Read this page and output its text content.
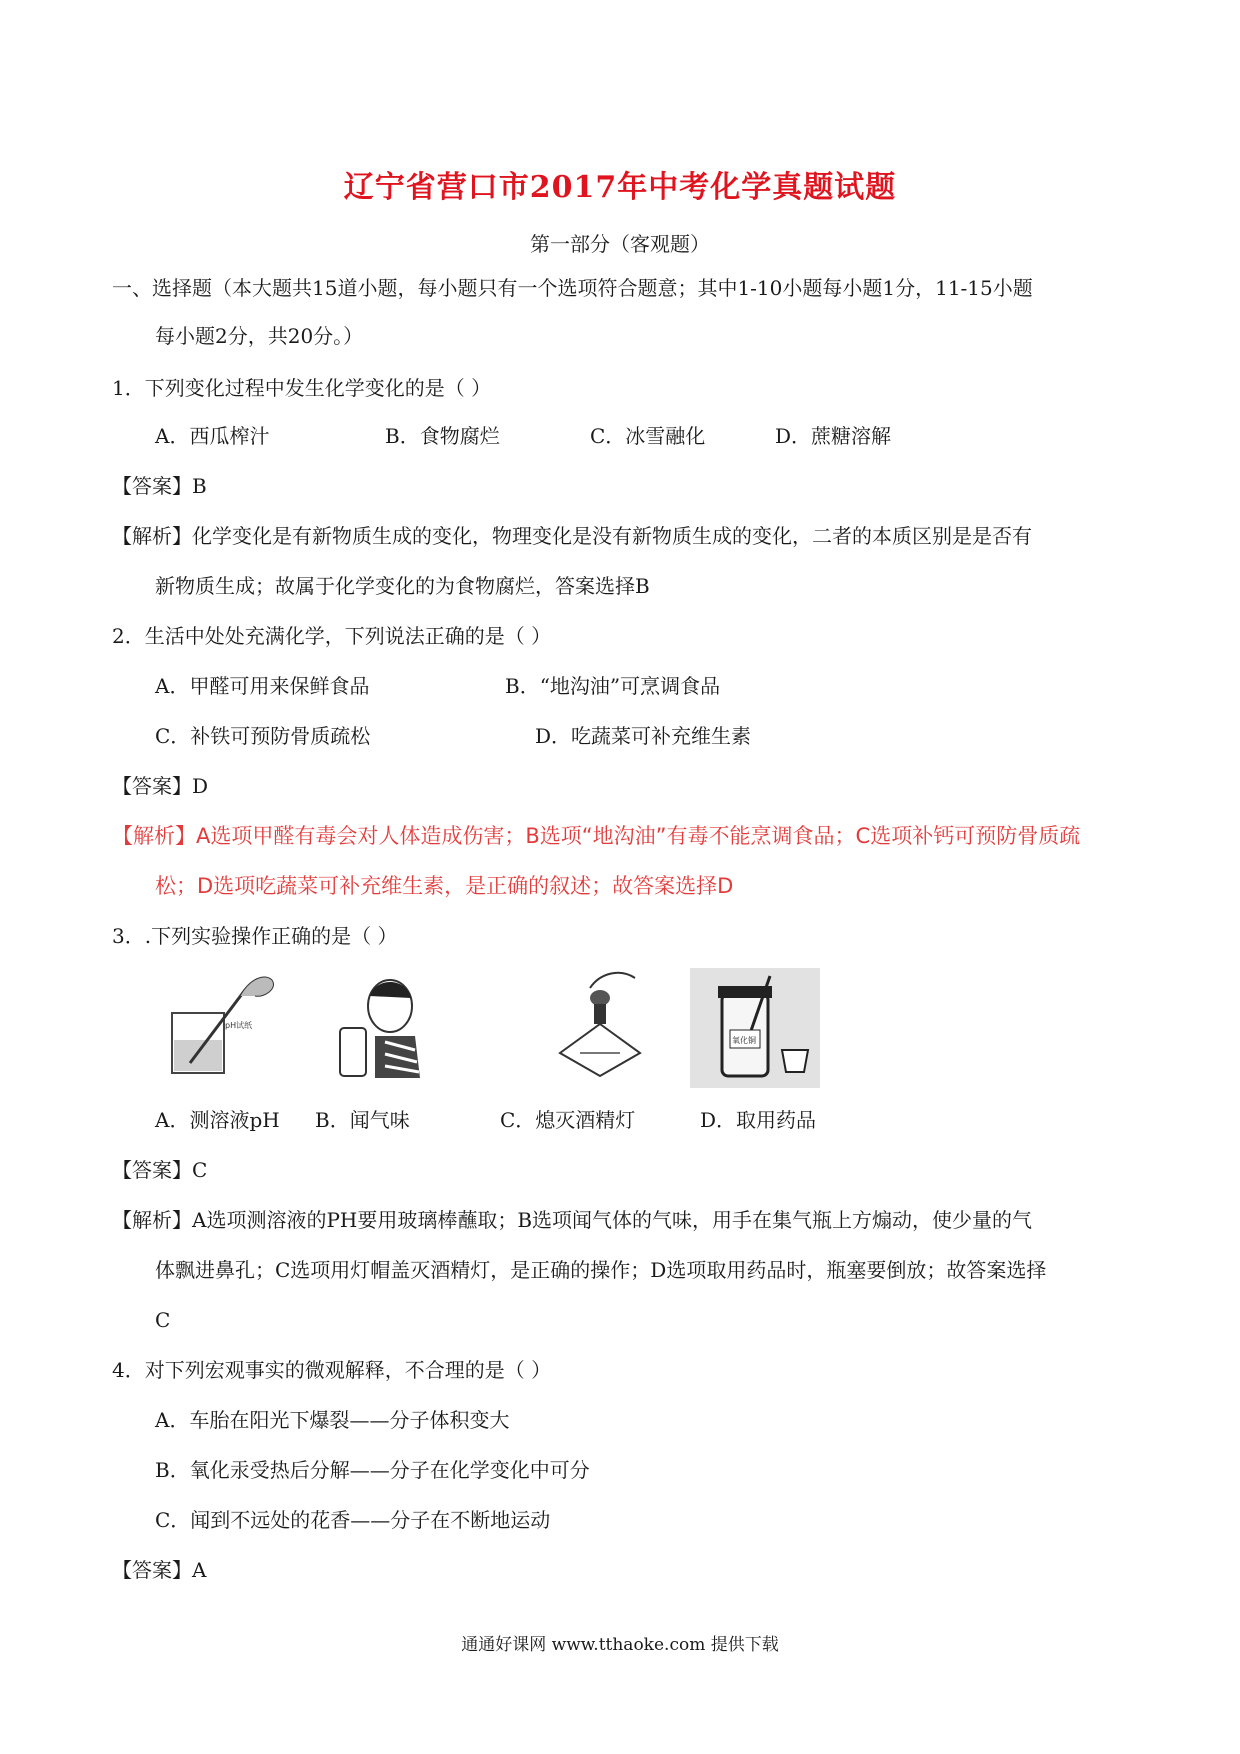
辽宁省营口市2017年中考化学真题试题
第一部分（客观题）
一、选择题（本大题共15道小题，每小题只有一个选项符合题意；其中1-10小题每小题1分，11-15小题
每小题2分，共20分。）
1．下列变化过程中发生化学变化的是（ ）
A．西瓜榨汁	B．食物腐烂	C．冰雪融化	D．蔗糖溶解
【答案】B
【解析】化学变化是有新物质生成的变化，物理变化是没有新物质生成的变化，二者的本质区别是是否有
新物质生成；故属于化学变化的为食物腐烂，答案选择B
2．生活中处处充满化学，下列说法正确的是（ ）
A．甲醛可用来保鲜食品	B．“地沟油”可烹调食品
C．补铁可预防骨质疏松	D．吃蔬菜可补充维生素
【答案】D
【解析】A选项甲醛有毒会对人体造成伤害；B选项“地沟油”有毒不能烹调食品；C选项补钙可预防骨质疏
松；D选项吃蔬菜可补充维生素，是正确的叙述；故答案选择D
3．.下列实验操作正确的是（ ）
pH试纸
氧化铜
A．测溶液pH B．闻气味	C．熄灭酒精灯	D．取用药品
【答案】C
【解析】A选项测溶液的PH要用玻璃棒蘸取；B选项闻气体的气味，用手在集气瓶上方煽动，使少量的气
体飘进鼻孔；C选项用灯帽盖灭酒精灯，是正确的操作；D选项取用药品时，瓶塞要倒放；故答案选择
C
4．对下列宏观事实的微观解释，不合理的是（ ）
A．车胎在阳光下爆裂——分子体积变大
B．氧化汞受热后分解——分子在化学变化中可分
C．闻到不远处的花香——分子在不断地运动
【答案】A
通通好课网 www.tthaoke.com 提供下载
